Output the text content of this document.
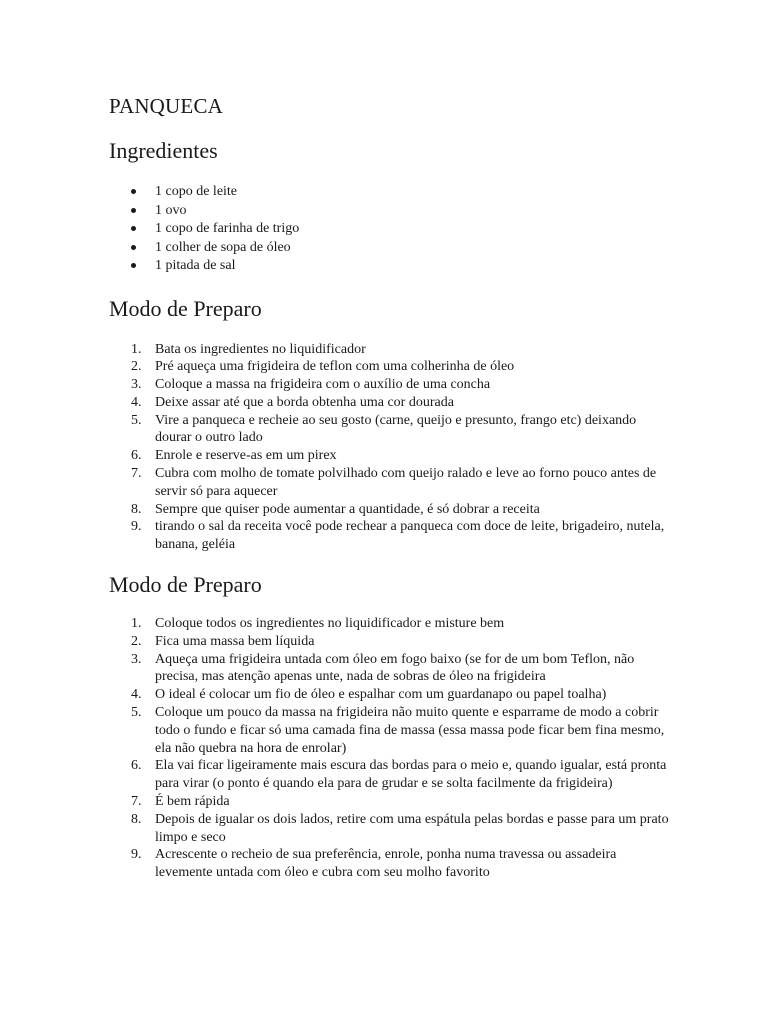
PANQUECA
Ingredientes
1 copo de leite
1 ovo
1 copo de farinha de trigo
1 colher de sopa de óleo
1 pitada de sal
Modo de Preparo
1. Bata os ingredientes no liquidificador
2. Pré aqueça uma frigideira de teflon com uma colherinha de óleo
3. Coloque a massa na frigideira com o auxílio de uma concha
4. Deixe assar até que a borda obtenha uma cor dourada
5. Vire a panqueca e recheie ao seu gosto (carne, queijo e presunto, frango etc) deixando dourar o outro lado
6. Enrole e reserve-as em um pirex
7. Cubra com molho de tomate polvilhado com queijo ralado e leve ao forno pouco antes de servir só para aquecer
8. Sempre que quiser pode aumentar a quantidade, é só dobrar a receita
9. tirando o sal da receita você pode rechear a panqueca com doce de leite, brigadeiro, nutela, banana, geléia
Modo de Preparo
1. Coloque todos os ingredientes no liquidificador e misture bem
2. Fica uma massa bem líquida
3. Aqueça uma frigideira untada com óleo em fogo baixo (se for de um bom Teflon, não precisa, mas atenção apenas unte, nada de sobras de óleo na frigideira
4. O ideal é colocar um fio de óleo e espalhar com um guardanapo ou papel toalha)
5. Coloque um pouco da massa na frigideira não muito quente e esparrame de modo a cobrir todo o fundo e ficar só uma camada fina de massa (essa massa pode ficar bem fina mesmo, ela não quebra na hora de enrolar)
6. Ela vai ficar ligeiramente mais escura das bordas para o meio e, quando igualar, está pronta para virar (o ponto é quando ela para de grudar e se solta facilmente da frigideira)
7. É bem rápida
8. Depois de igualar os dois lados, retire com uma espátula pelas bordas e passe para um prato limpo e seco
9. Acrescente o recheio de sua preferência, enrole, ponha numa travessa ou assadeira levemente untada com óleo e cubra com seu molho favorito
